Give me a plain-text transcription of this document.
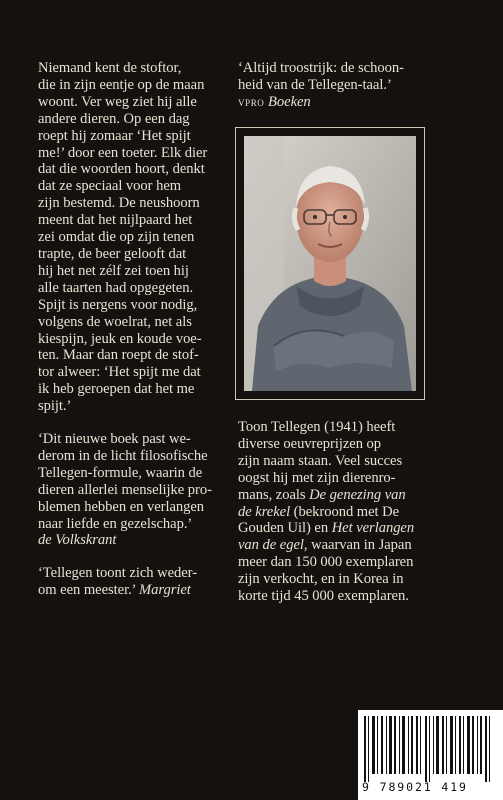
Niemand kent de stoftor,

die in zijn eentje op de maan

woont. Ver weg ziet hij alle

andere dieren. Op een dag

roept hij zomaar ‘Het spijt

me!’ door een toeter. Elk dier

dat die woorden hoort, denkt

dat ze speciaal voor hem

zijn bestemd. De neushoorn

meent dat het nijlpaard het

zei omdat die op zijn tenen

trapte, de beer gelooft dat

hij het net zélf zei toen hij

alle taarten had opgegeten.

Spijt is nergens voor nodig,

volgens de woelrat, net als

kiespijn, jeuk en koude voe-

ten. Maar dan roept de stof-

tor alweer: ‘Het spijt me dat

ik heb geroepen dat het me

spijt.’

‘Dit nieuwe boek past we-

derom in de licht filosofische

Tellegen-formule, waarin de

dieren allerlei menselijke pro-

blemen hebben en verlangen

naar liefde en gezelschap.’

de Volkskrant

‘Tellegen toont zich weder-

om een meester.’ Margriet

‘Altijd troostrijk: de schoon-

heid van de Tellegen-taal.’

vpro Boeken

Toon Tellegen (1941) heeft

diverse oeuvreprijzen op

zijn naam staan. Veel succes

oogst hij met zijn dierenro-

mans, zoals De genezing van

de krekel (bekroond met De

Gouden Uil) en Het verlangen

van de egel, waarvan in Japan

meer dan 150 000 exemplaren

zijn verkocht, en in Korea in

korte tijd 45 000 exemplaren.

9 789021 419
